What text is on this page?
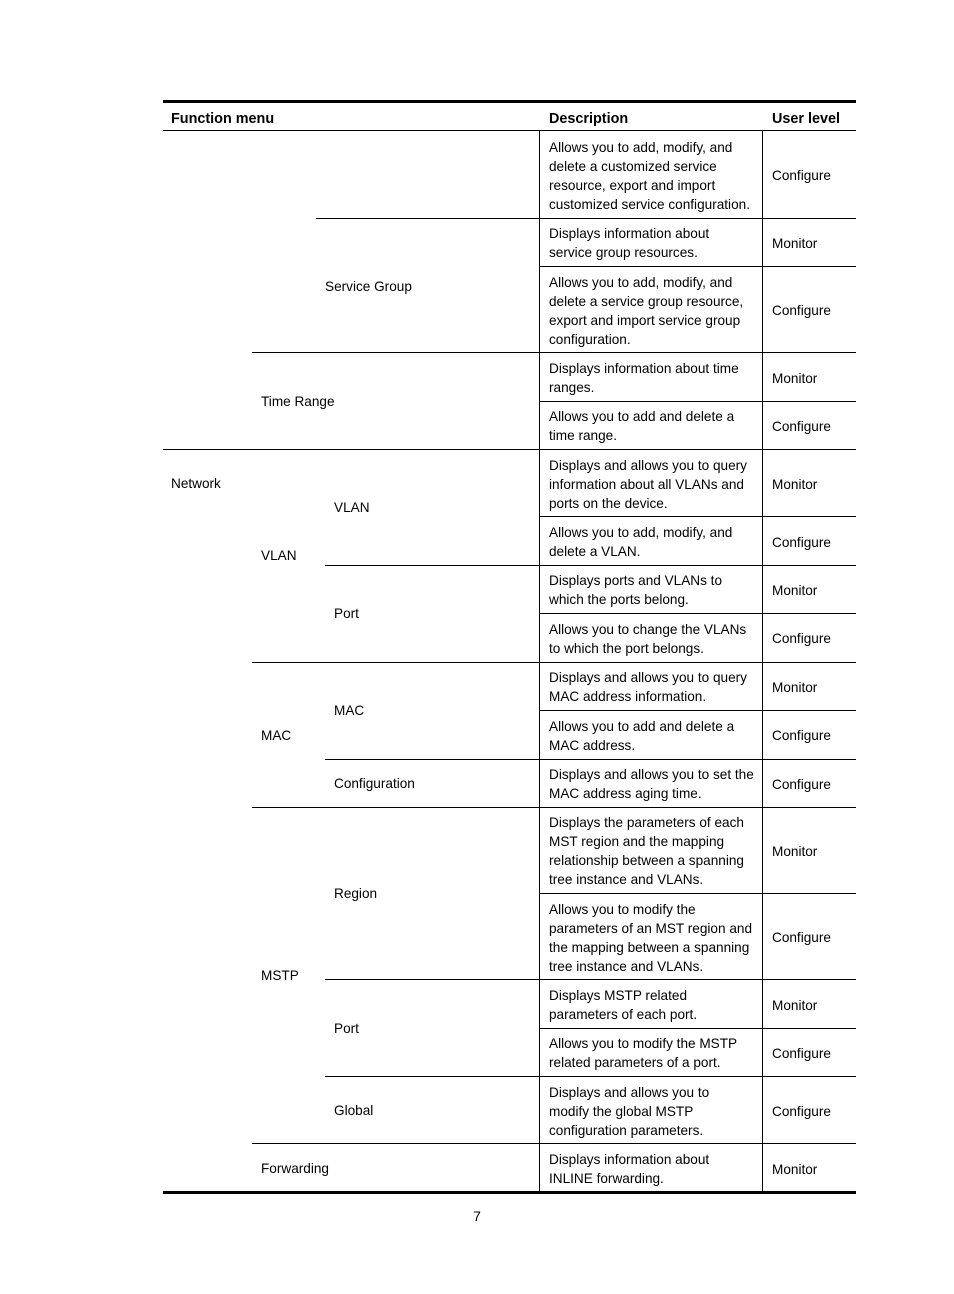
Function menu	Description	User level
Service Group
Time Range
Network
VLAN
VLAN
Port
MAC
MAC
Configuration
MSTP
Region
Port
Global
Forwarding
Allows you to add, modify, and
delete a customized service
resource, export and import
customized service configuration.
Configure
Displays information about
service group resources.
Monitor
Allows you to add, modify, and
delete a service group resource,
export and import service group
configuration.
Configure
Displays information about time
ranges.
Monitor
Allows you to add and delete a
time range.
Configure
Displays and allows you to query
information about all VLANs and
ports on the device.
Monitor
Allows you to add, modify, and
delete a VLAN.
Configure
Displays ports and VLANs to
which the ports belong.
Monitor
Allows you to change the VLANs
to which the port belongs.
Configure
Displays and allows you to query
MAC address information.
Monitor
Allows you to add and delete a
MAC address.
Configure
Displays and allows you to set the
MAC address aging time.
Configure
Displays the parameters of each
MST region and the mapping
relationship between a spanning
tree instance and VLANs.
Monitor
Allows you to modify the
parameters of an MST region and
the mapping between a spanning
tree instance and VLANs.
Configure
Displays MSTP related
parameters of each port.
Monitor
Allows you to modify the MSTP
related parameters of a port.
Configure
Displays and allows you to
modify the global MSTP
configuration parameters.
Configure
Displays information about
INLINE forwarding.
Monitor
7
